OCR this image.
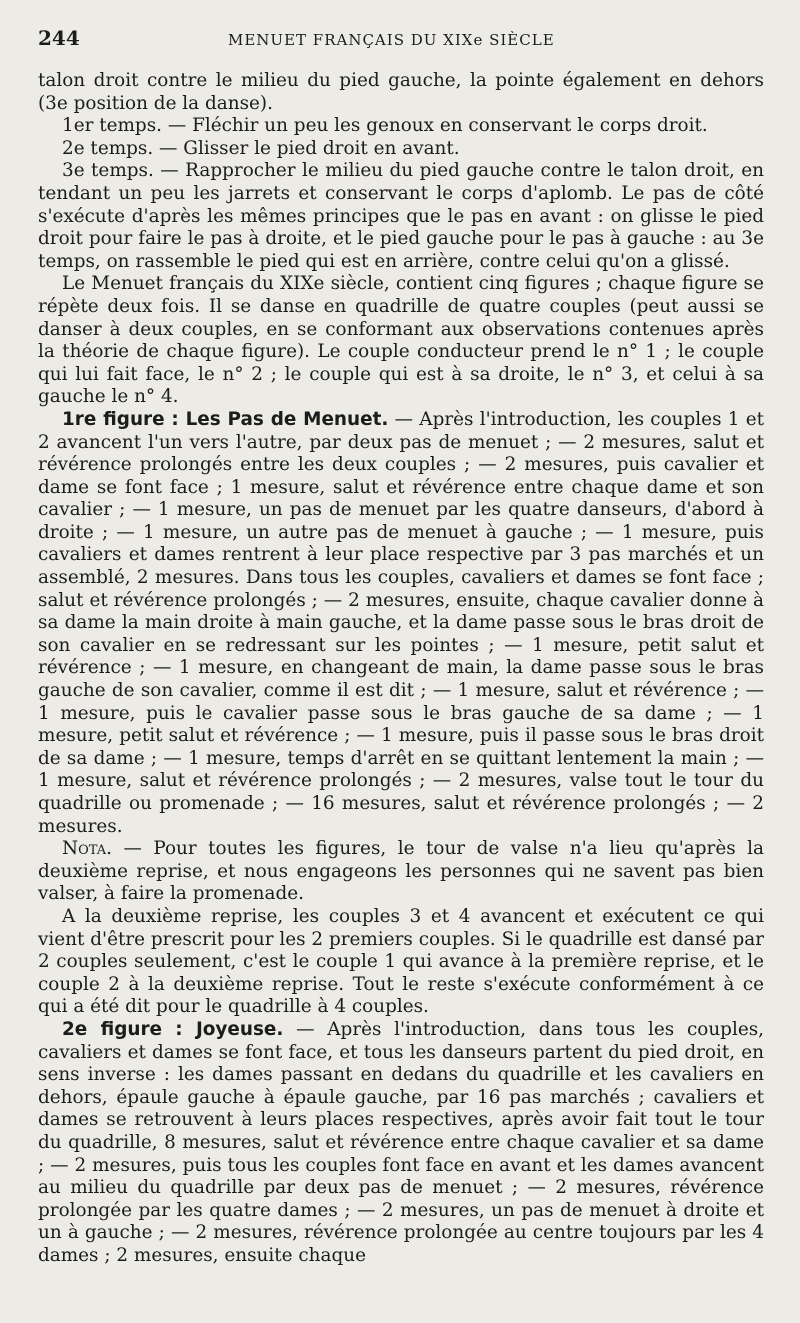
244	MENUET FRANÇAIS DU XIXe SIÈCLE

talon droit contre le milieu du pied gauche, la pointe également en dehors (3e position de la danse).

1er temps. — Fléchir un peu les genoux en conservant le corps droit.

2e temps. — Glisser le pied droit en avant.

3e temps. — Rapprocher le milieu du pied gauche contre le talon droit, en tendant un peu les jarrets et conservant le corps d'aplomb. Le pas de côté s'exécute d'après les mêmes principes que le pas en avant : on glisse le pied droit pour faire le pas à droite, et le pied gauche pour le pas à gauche : au 3e temps, on rassemble le pied qui est en arrière, contre celui qu'on a glissé.

Le Menuet français du XIXe siècle, contient cinq figures ; chaque figure se répète deux fois. Il se danse en quadrille de quatre couples (peut aussi se danser à deux couples, en se conformant aux observations contenues après la théorie de chaque figure). Le couple conducteur prend le n° 1 ; le couple qui lui fait face, le n° 2 ; le couple qui est à sa droite, le n° 3, et celui à sa gauche le n° 4.

1re figure : Les Pas de Menuet. — Après l'introduction, les couples 1 et 2 avancent l'un vers l'autre, par deux pas de menuet ; — 2 mesures, salut et révérence prolongés entre les deux couples ; — 2 mesures, puis cavalier et dame se font face ; 1 mesure, salut et révérence entre chaque dame et son cavalier ; — 1 mesure, un pas de menuet par les quatre danseurs, d'abord à droite ; — 1 mesure, un autre pas de menuet à gauche ; — 1 mesure, puis cavaliers et dames rentrent à leur place respective par 3 pas marchés et un assemblé, 2 mesures. Dans tous les couples, cavaliers et dames se font face ; salut et révérence prolongés ; — 2 mesures, ensuite, chaque cavalier donne à sa dame la main droite à main gauche, et la dame passe sous le bras droit de son cavalier en se redressant sur les pointes ; — 1 mesure, petit salut et révérence ; — 1 mesure, en changeant de main, la dame passe sous le bras gauche de son cavalier, comme il est dit ; — 1 mesure, salut et révérence ; — 1 mesure, puis le cavalier passe sous le bras gauche de sa dame ; — 1 mesure, petit salut et révérence ; — 1 mesure, puis il passe sous le bras droit de sa dame ; — 1 mesure, temps d'arrêt en se quittant lentement la main ; — 1 mesure, salut et révérence prolongés ; — 2 mesures, valse tout le tour du quadrille ou promenade ; — 16 mesures, salut et révérence prolongés ; — 2 mesures.

Nota. — Pour toutes les figures, le tour de valse n'a lieu qu'après la deuxième reprise, et nous engageons les personnes qui ne savent pas bien valser, à faire la promenade.

A la deuxième reprise, les couples 3 et 4 avancent et exécutent ce qui vient d'être prescrit pour les 2 premiers couples. Si le quadrille est dansé par 2 couples seulement, c'est le couple 1 qui avance à la première reprise, et le couple 2 à la deuxième reprise. Tout le reste s'exécute conformément à ce qui a été dit pour le quadrille à 4 couples.

2e figure : Joyeuse. — Après l'introduction, dans tous les couples, cavaliers et dames se font face, et tous les danseurs partent du pied droit, en sens inverse : les dames passant en dedans du quadrille et les cavaliers en dehors, épaule gauche à épaule gauche, par 16 pas marchés ; cavaliers et dames se retrouvent à leurs places respectives, après avoir fait tout le tour du quadrille, 8 mesures, salut et révérence entre chaque cavalier et sa dame ; — 2 mesures, puis tous les couples font face en avant et les dames avancent au milieu du quadrille par deux pas de menuet ; — 2 mesures, révérence prolongée par les quatre dames ; — 2 mesures, un pas de menuet à droite et un à gauche ; — 2 mesures, révérence prolongée au centre toujours par les 4 dames ; 2 mesures, ensuite chaque
